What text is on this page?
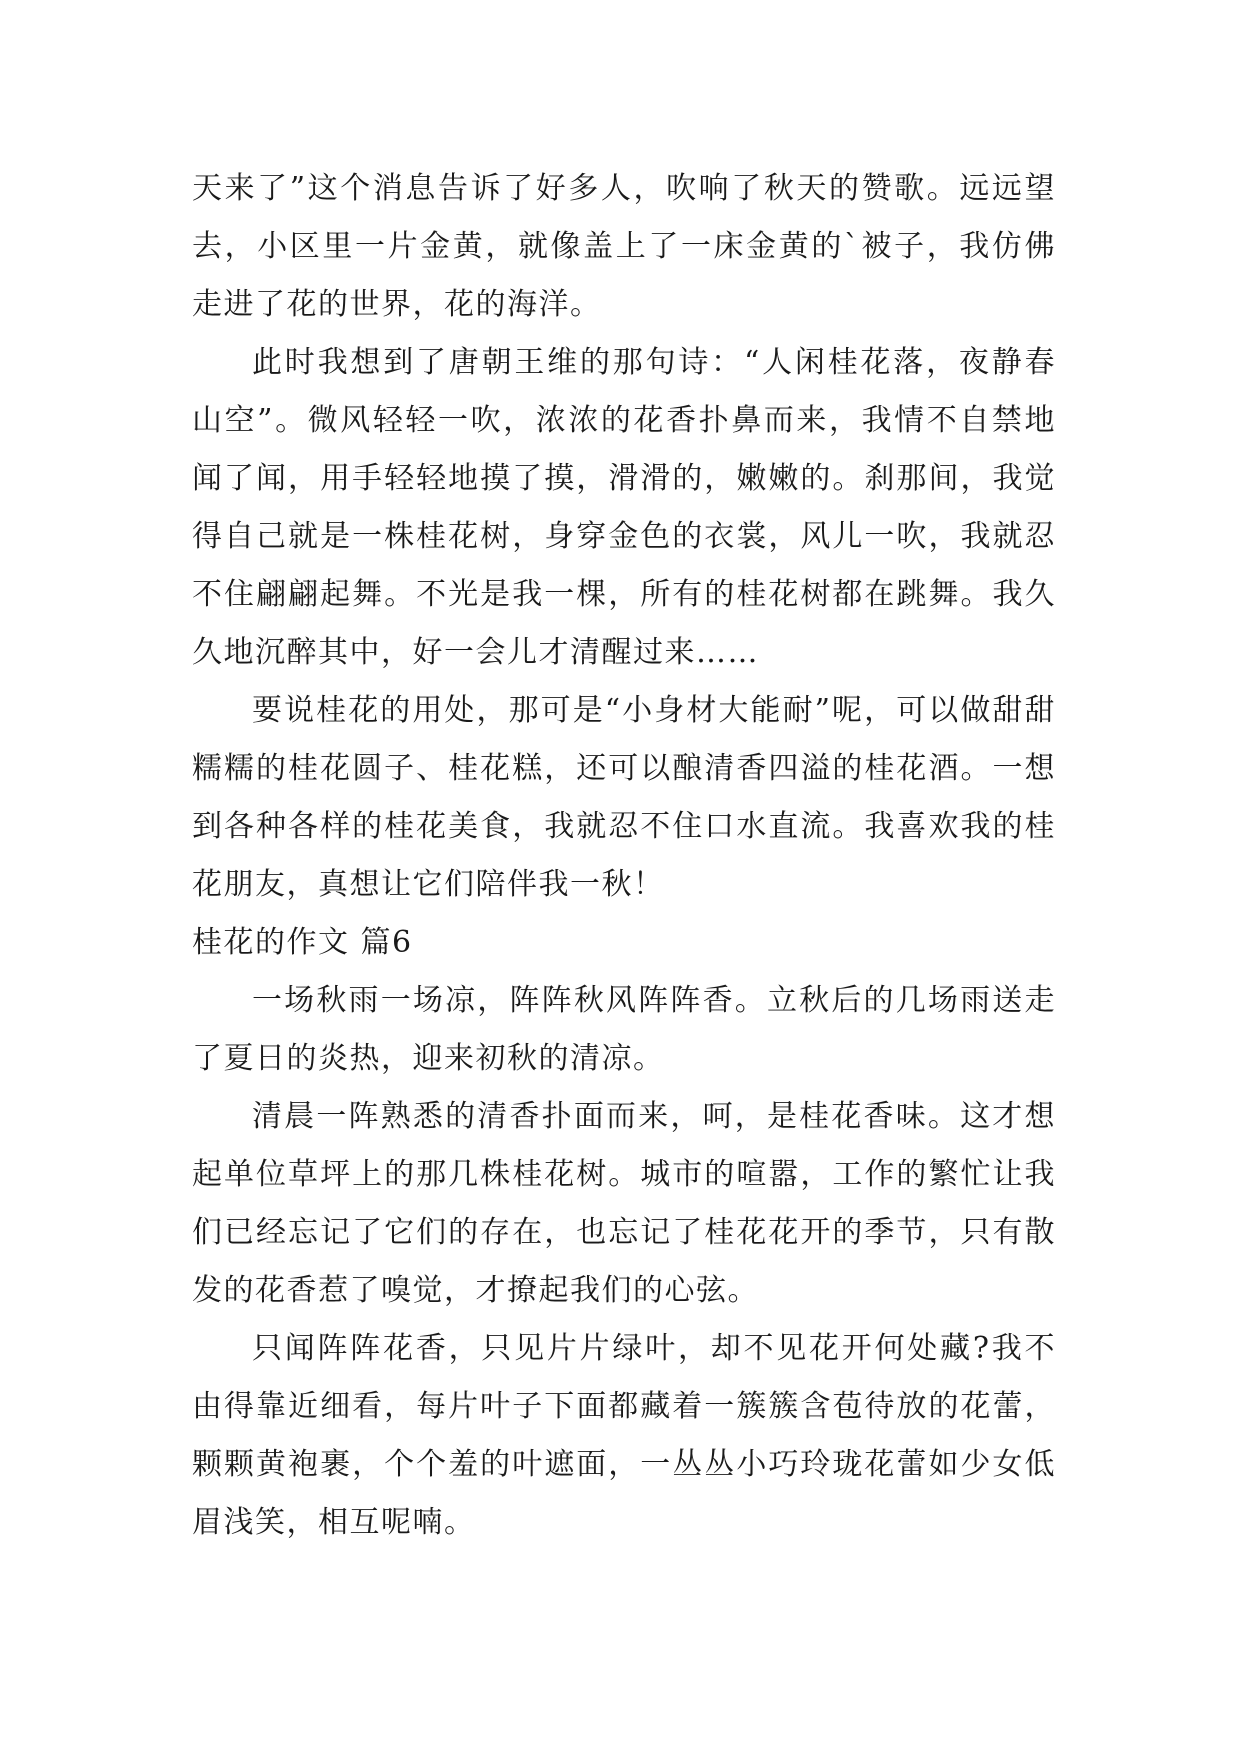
天来了”这个消息告诉了好多人，吹响了秋天的赞歌。远远望去，小区里一片金黄，就像盖上了一床金黄的`被子，我仿佛走进了花的世界，花的海洋。

此时我想到了唐朝王维的那句诗：“人闲桂花落，夜静春山空”。微风轻轻一吹，浓浓的花香扑鼻而来，我情不自禁地闻了闻，用手轻轻地摸了摸，滑滑的，嫩嫩的。刹那间，我觉得自己就是一株桂花树，身穿金色的衣裳，风儿一吹，我就忍不住翩翩起舞。不光是我一棵，所有的桂花树都在跳舞。我久久地沉醉其中，好一会儿才清醒过来……

要说桂花的用处，那可是“小身材大能耐”呢，可以做甜甜糯糯的桂花圆子、桂花糕，还可以酿清香四溢的桂花酒。一想到各种各样的桂花美食，我就忍不住口水直流。我喜欢我的桂花朋友，真想让它们陪伴我一秋！

桂花的作文 篇6

一场秋雨一场凉，阵阵秋风阵阵香。立秋后的几场雨送走了夏日的炎热，迎来初秋的清凉。

清晨一阵熟悉的清香扑面而来，呵，是桂花香味。这才想起单位草坪上的那几株桂花树。城市的喧嚣，工作的繁忙让我们已经忘记了它们的存在，也忘记了桂花花开的季节，只有散发的花香惹了嗅觉，才撩起我们的心弦。

只闻阵阵花香，只见片片绿叶，却不见花开何处藏?我不由得靠近细看，每片叶子下面都藏着一簇簇含苞待放的花蕾，颗颗黄袍裹，个个羞的叶遮面，一丛丛小巧玲珑花蕾如少女低眉浅笑，相互呢喃。
